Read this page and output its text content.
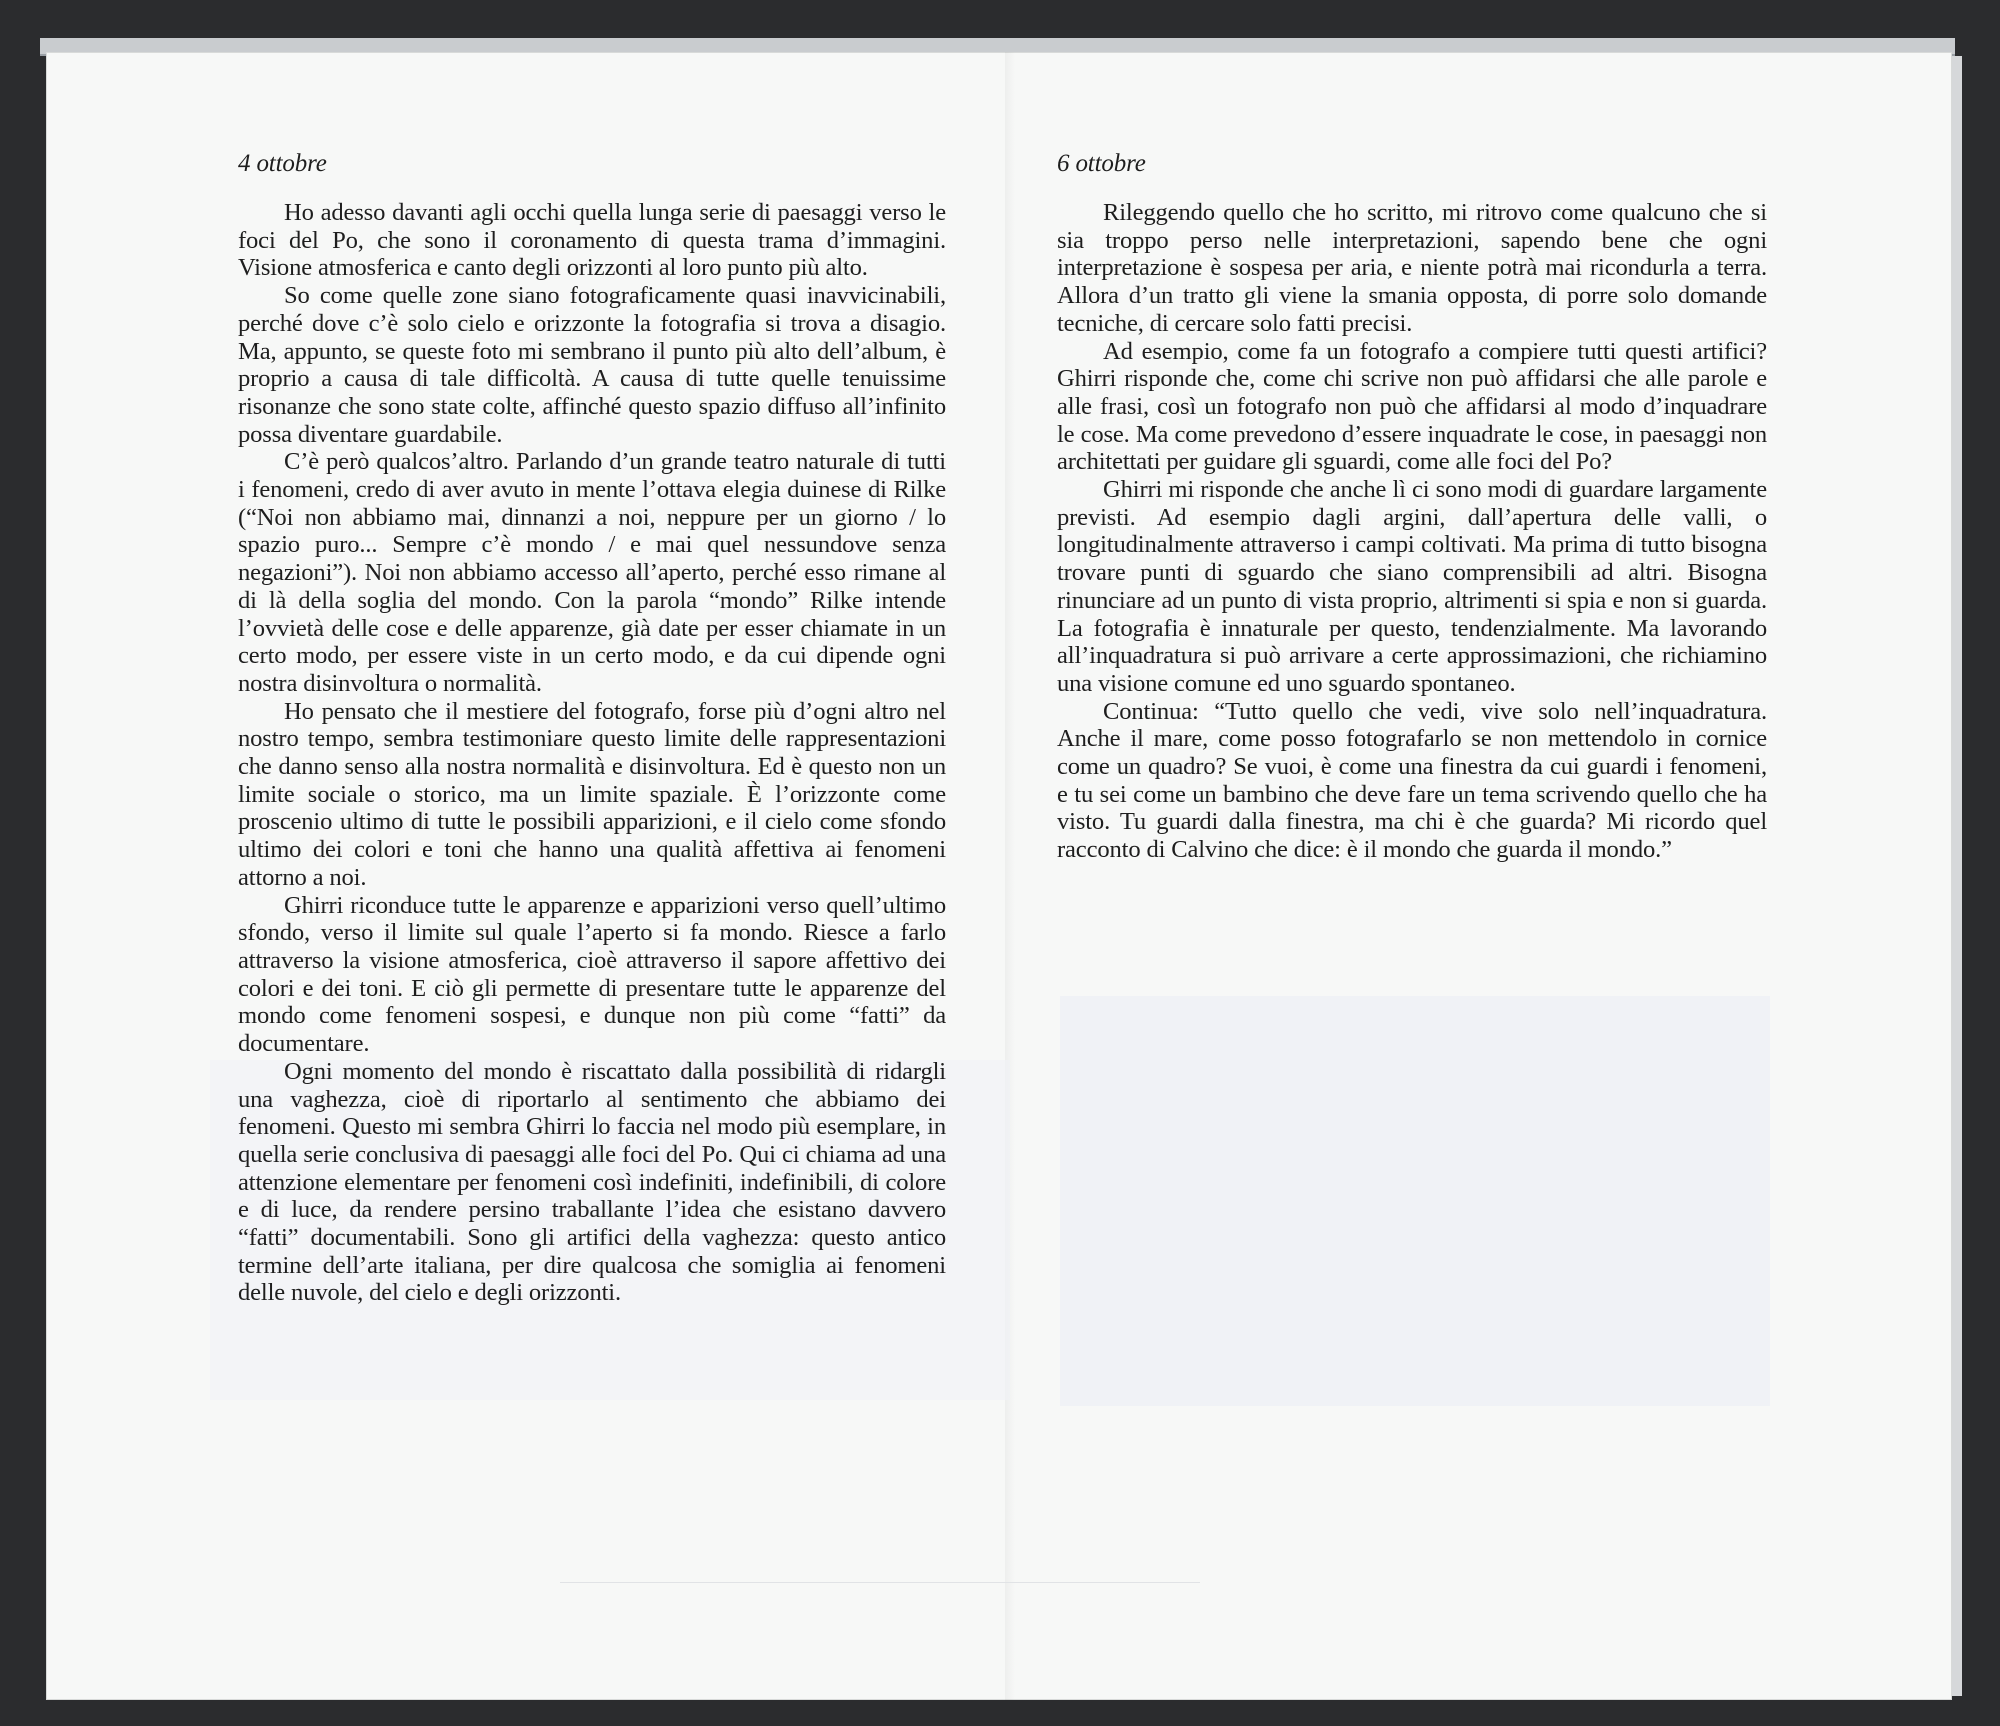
4 ottobre

Ho adesso davanti agli occhi quella lunga serie di paesaggi verso le foci del Po, che sono il coronamento di questa trama d’immagini. Visione atmosferica e canto degli orizzonti al loro punto più alto.

So come quelle zone siano fotograficamente quasi inavvicinabili, perché dove c’è solo cielo e orizzonte la fotografia si trova a disagio. Ma, appunto, se queste foto mi sembrano il punto più alto dell’album, è proprio a causa di tale difficoltà. A causa di tutte quelle tenuissime risonanze che sono state colte, affinché questo spazio diffuso all’infinito possa diventare guardabile.

C’è però qualcos’altro. Parlando d’un grande teatro naturale di tutti i fenomeni, credo di aver avuto in mente l’ottava elegia duinese di Rilke (“Noi non abbiamo mai, dinnanzi a noi, neppure per un giorno / lo spazio puro... Sempre c’è mondo / e mai quel nessundove senza negazioni”). Noi non abbiamo accesso all’aperto, perché esso rimane al di là della soglia del mondo. Con la parola “mondo” Rilke intende l’ovvietà delle cose e delle apparenze, già date per esser chiamate in un certo modo, per essere viste in un certo modo, e da cui dipende ogni nostra disinvoltura o normalità.

Ho pensato che il mestiere del fotografo, forse più d’ogni altro nel nostro tempo, sembra testimoniare questo limite delle rappresentazioni che danno senso alla nostra normalità e disinvoltura. Ed è questo non un limite sociale o storico, ma un limite spaziale. È l’orizzonte come proscenio ultimo di tutte le possibili apparizioni, e il cielo come sfondo ultimo dei colori e toni che hanno una qualità affettiva ai fenomeni attorno a noi.

Ghirri riconduce tutte le apparenze e apparizioni verso quell’ultimo sfondo, verso il limite sul quale l’aperto si fa mondo. Riesce a farlo attraverso la visione atmosferica, cioè attraverso il sapore affettivo dei colori e dei toni. E ciò gli permette di presentare tutte le apparenze del mondo come fenomeni sospesi, e dunque non più come “fatti” da documentare.

Ogni momento del mondo è riscattato dalla possibilità di ridargli una vaghezza, cioè di riportarlo al sentimento che abbiamo dei fenomeni. Questo mi sembra Ghirri lo faccia nel modo più esemplare, in quella serie conclusiva di paesaggi alle foci del Po. Qui ci chiama ad una attenzione elementare per fenomeni così indefiniti, indefinibili, di colore e di luce, da rendere persino traballante l’idea che esistano davvero “fatti” documentabili. Sono gli artifici della vaghezza: questo antico termine dell’arte italiana, per dire qualcosa che somiglia ai fenomeni delle nuvole, del cielo e degli orizzonti.

6 ottobre

Rileggendo quello che ho scritto, mi ritrovo come qualcuno che si sia troppo perso nelle interpretazioni, sapendo bene che ogni interpretazione è sospesa per aria, e niente potrà mai ricondurla a terra. Allora d’un tratto gli viene la smania opposta, di porre solo domande tecniche, di cercare solo fatti precisi.

Ad esempio, come fa un fotografo a compiere tutti questi artifici? Ghirri risponde che, come chi scrive non può affidarsi che alle parole e alle frasi, così un fotografo non può che affidarsi al modo d’inquadrare le cose. Ma come prevedono d’essere inquadrate le cose, in paesaggi non architettati per guidare gli sguardi, come alle foci del Po?

Ghirri mi risponde che anche lì ci sono modi di guardare largamente previsti. Ad esempio dagli argini, dall’apertura delle valli, o longitudinalmente attraverso i campi coltivati. Ma prima di tutto bisogna trovare punti di sguardo che siano comprensibili ad altri. Bisogna rinunciare ad un punto di vista proprio, altrimenti si spia e non si guarda. La fotografia è innaturale per questo, tendenzialmente. Ma lavorando all’inquadratura si può arrivare a certe approssimazioni, che richiamino una visione comune ed uno sguardo spontaneo.

Continua: “Tutto quello che vedi, vive solo nell’inquadratura. Anche il mare, come posso fotografarlo se non mettendolo in cornice come un quadro? Se vuoi, è come una finestra da cui guardi i fenomeni, e tu sei come un bambino che deve fare un tema scrivendo quello che ha visto. Tu guardi dalla finestra, ma chi è che guarda? Mi ricordo quel racconto di Calvino che dice: è il mondo che guarda il mondo.”
